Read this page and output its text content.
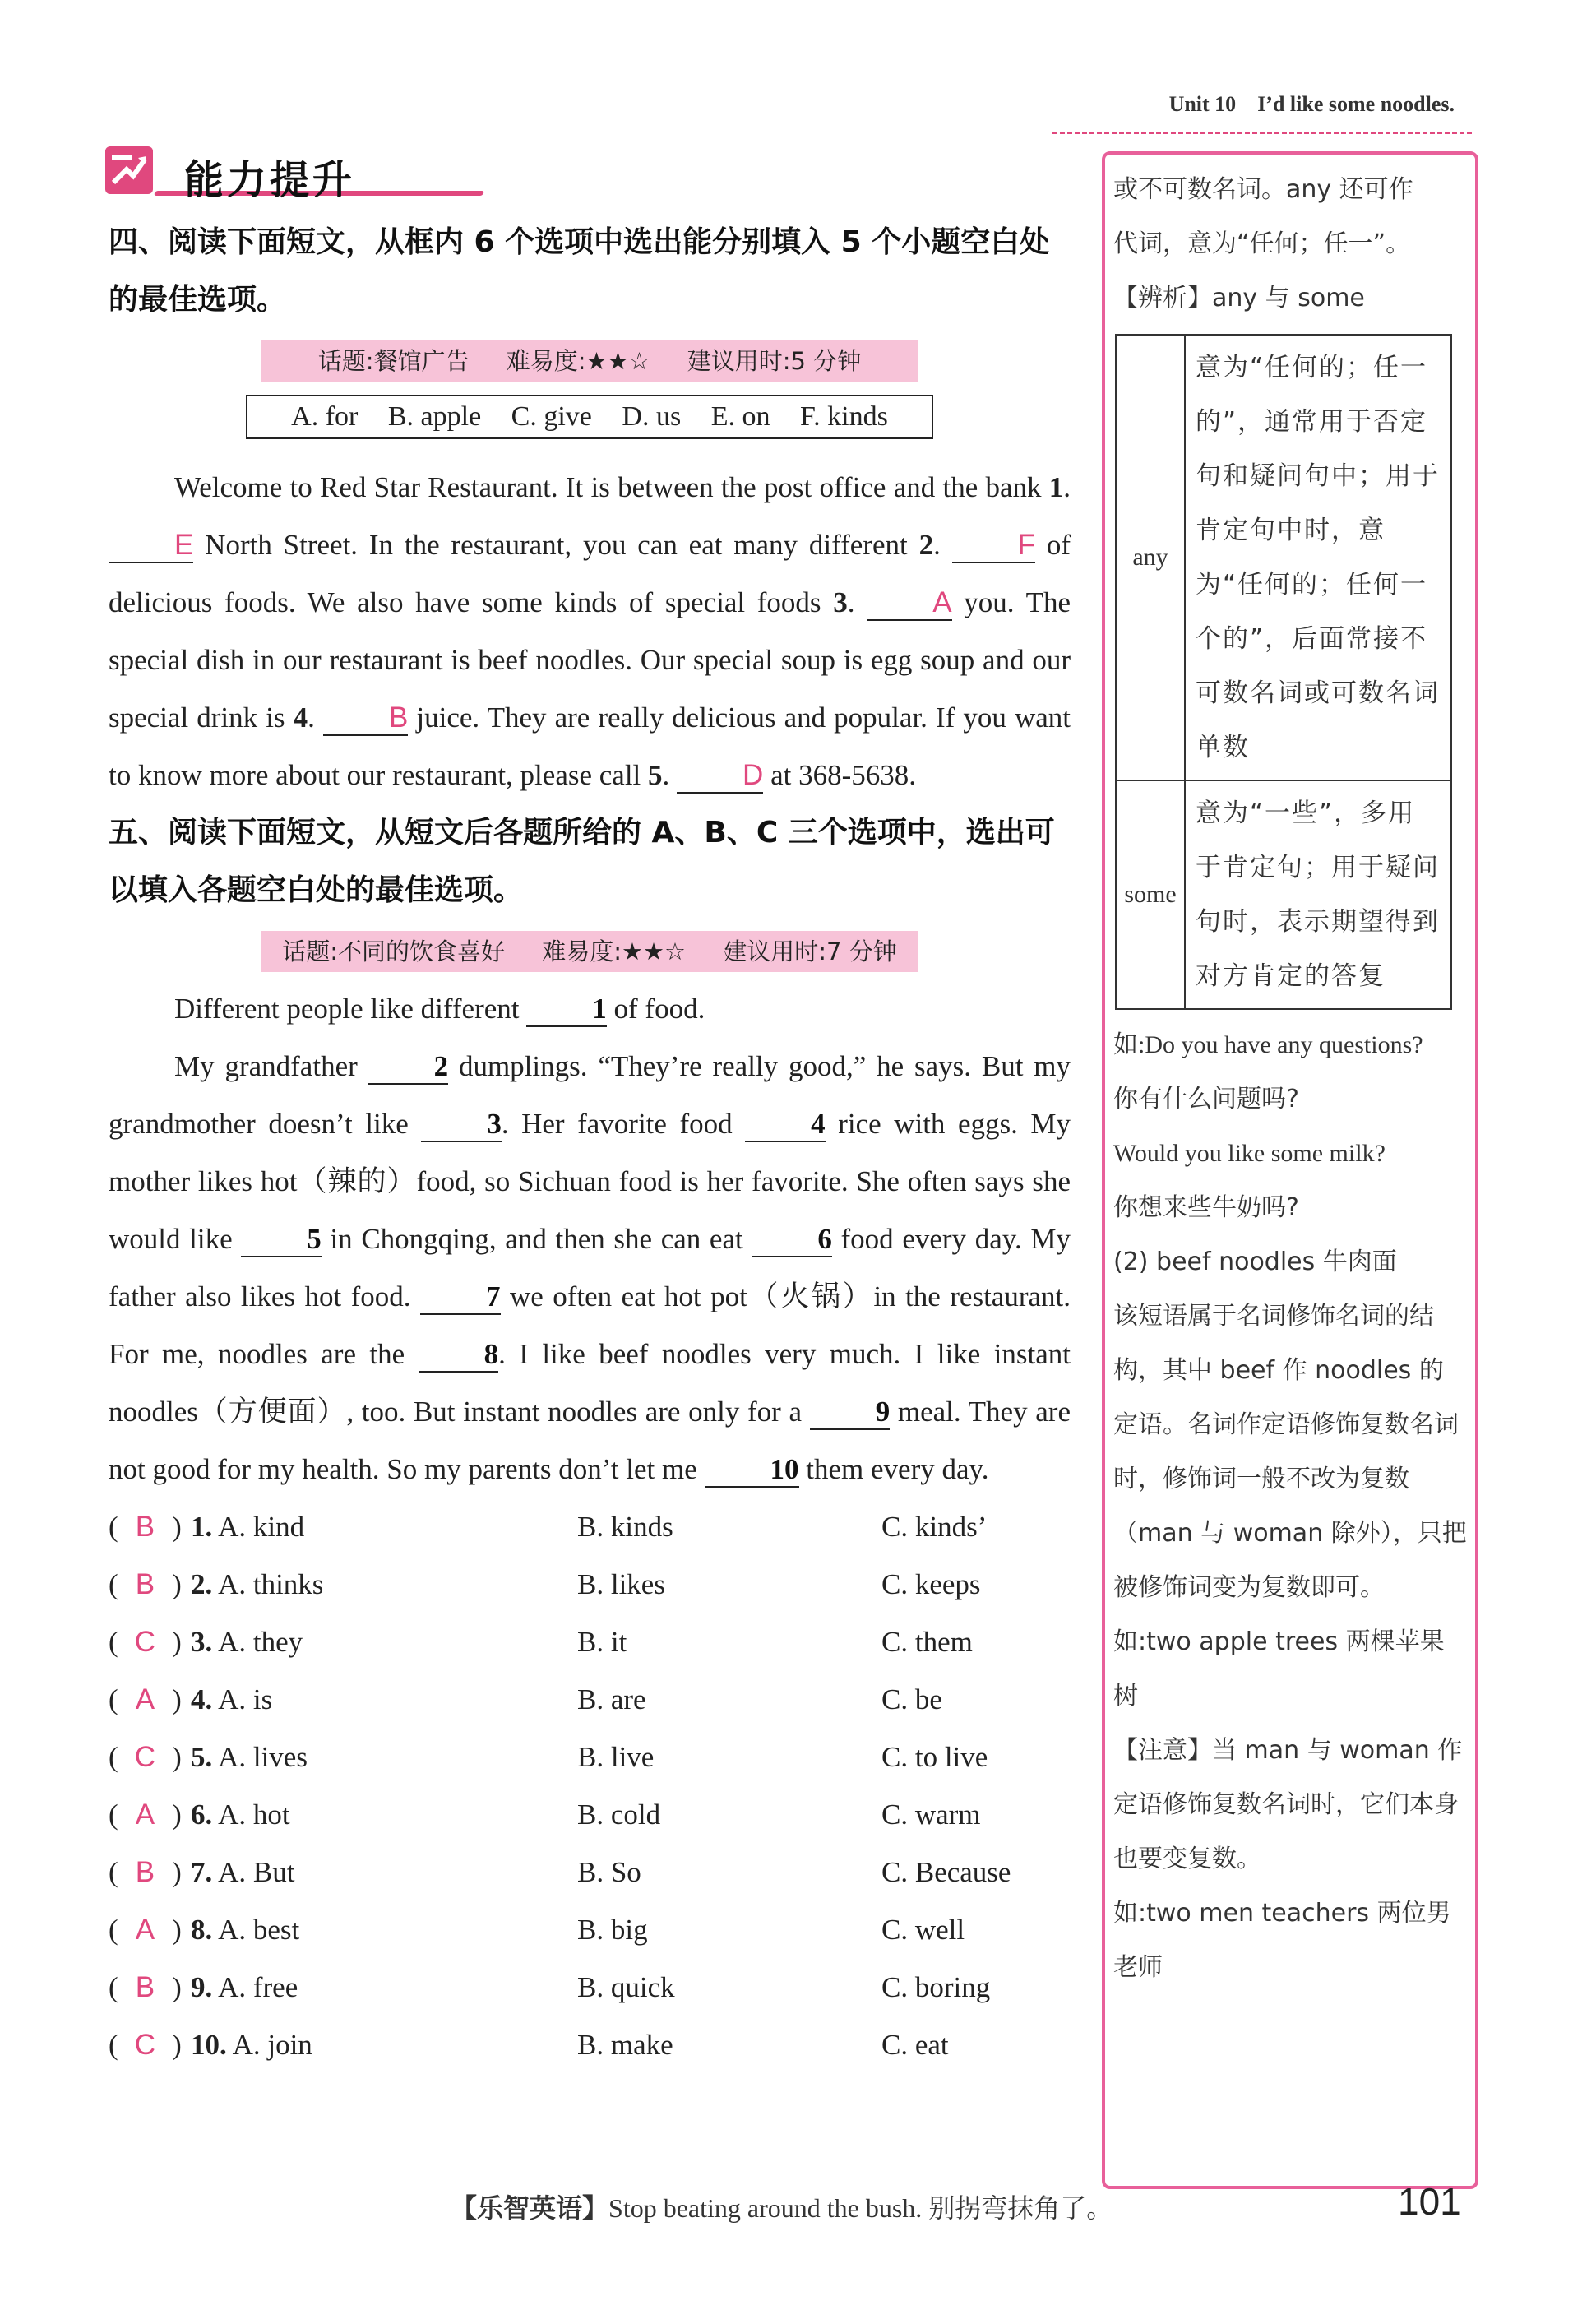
Unit 10 I’d like some noodles.
能力提升

四、阅读下面短文，从框内 6 个选项中选出能分别填入 5 个小题空白处的最佳选项。

话题:餐馆广告 难易度:★★☆ 建议用时:5 分钟
A. for B. apple C. give D. us E. on F. kinds

Welcome to Red Star Restaurant. It is between the post office and the bank 1. E North Street. In the restaurant, you can eat many different 2. F of delicious foods. We also have some kinds of special foods 3. A you. The special dish in our restaurant is beef noodles. Our special soup is egg soup and our special drink is 4. B juice. They are really delicious and popular. If you want to know more about our restaurant, please call 5. D at 368-5638.

五、阅读下面短文，从短文后各题所给的 A、B、C 三个选项中，选出可以填入各题空白处的最佳选项。

话题:不同的饮食喜好 难易度:★★☆ 建议用时:7 分钟

Different people like different 1 of food.

My grandfather 2 dumplings. “They’re really good,” he says. But my grandmother doesn’t like 3. Her favorite food 4 rice with eggs. My mother likes hot（辣的）food, so Sichuan food is her favorite. She often says she would like 5 in Chongqing, and then she can eat 6 food every day. My father also likes hot food. 7 we often eat hot pot（火锅）in the restaurant. For me, noodles are the 8. I like beef noodles very much. I like instant noodles（方便面）, too. But instant noodles are only for a 9 meal. They are not good for my health. So my parents don’t let me 10 them every day.

( B ) 1. A. kind	B. kinds	C. kinds’
( B ) 2. A. thinks	B. likes	C. keeps
( C ) 3. A. they	B. it	C. them
( A ) 4. A. is	B. are	C. be
( C ) 5. A. lives	B. live	C. to live
( A ) 6. A. hot	B. cold	C. warm
( B ) 7. A. But	B. So	C. Because
( A ) 8. A. best	B. big	C. well
( B ) 9. A. free	B. quick	C. boring
( C ) 10. A. join	B. make	C. eat

或不可数名词。any 还可作

代词，意为“任何；任一”。

【辨析】any 与 some

any	意为“任何的；任一的”，通常用于否定句和疑问句中；用于肯定句中时，意为“任何的；任何一个的”，后面常接不可数名词或可数名词单数
some	意为“一些”，多用于肯定句；用于疑问句时，表示期望得到对方肯定的答复

如:Do you have any questions?

你有什么问题吗?

Would you like some milk?

你想来些牛奶吗?

(2) beef noodles 牛肉面

该短语属于名词修饰名词的结构，其中 beef 作 noodles 的定语。名词作定语修饰复数名词时，修饰词一般不改为复数（man 与 woman 除外），只把被修饰词变为复数即可。

如:two apple trees 两棵苹果树

【注意】当 man 与 woman 作定语修饰复数名词时，它们本身也要变复数。

如:two men teachers 两位男老师

【乐智英语】Stop beating around the bush. 别拐弯抹角了。	101
